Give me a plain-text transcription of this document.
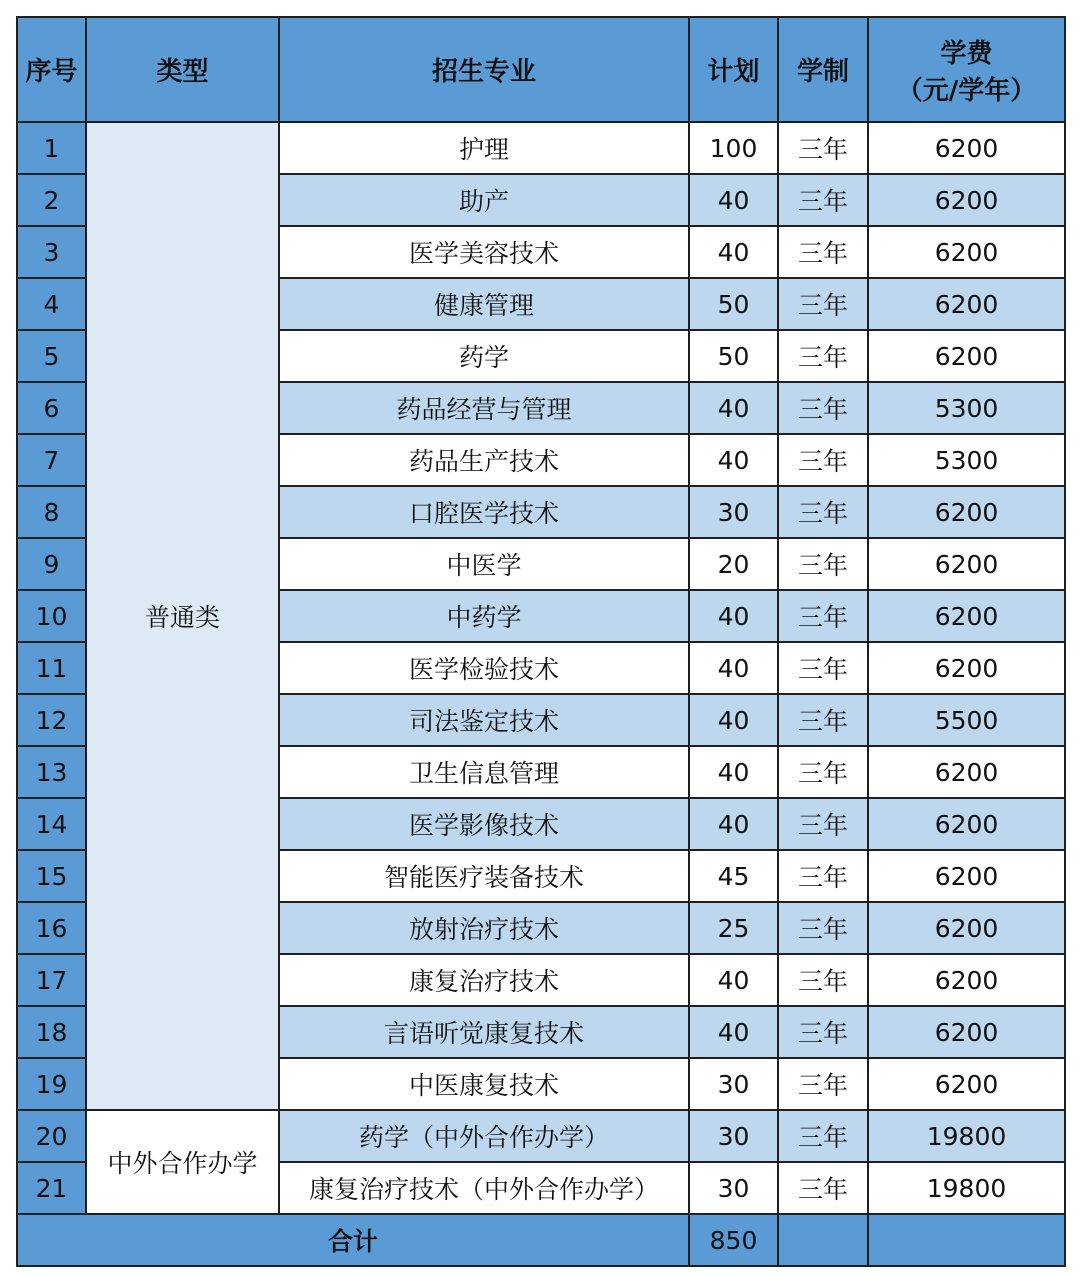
序号	类型	招生专业	计划	学制	学费
（元/学年）

1	普通类	护理	100	三年	6200
2		助产	40	三年	6200
3		医学美容技术	40	三年	6200
4		健康管理	50	三年	6200
5		药学	50	三年	6200
6		药品经营与管理	40	三年	5300
7		药品生产技术	40	三年	5300
8		口腔医学技术	30	三年	6200
9		中医学	20	三年	6200
10		中药学	40	三年	6200
11		医学检验技术	40	三年	6200
12		司法鉴定技术	40	三年	5500
13		卫生信息管理	40	三年	6200
14		医学影像技术	40	三年	6200
15		智能医疗装备技术	45	三年	6200
16		放射治疗技术	25	三年	6200
17		康复治疗技术	40	三年	6200
18		言语听觉康复技术	40	三年	6200
19		中医康复技术	30	三年	6200
20	中外合作办学	药学（中外合作办学）	30	三年	19800
21		康复治疗技术（中外合作办学）	30	三年	19800
合计			850		
